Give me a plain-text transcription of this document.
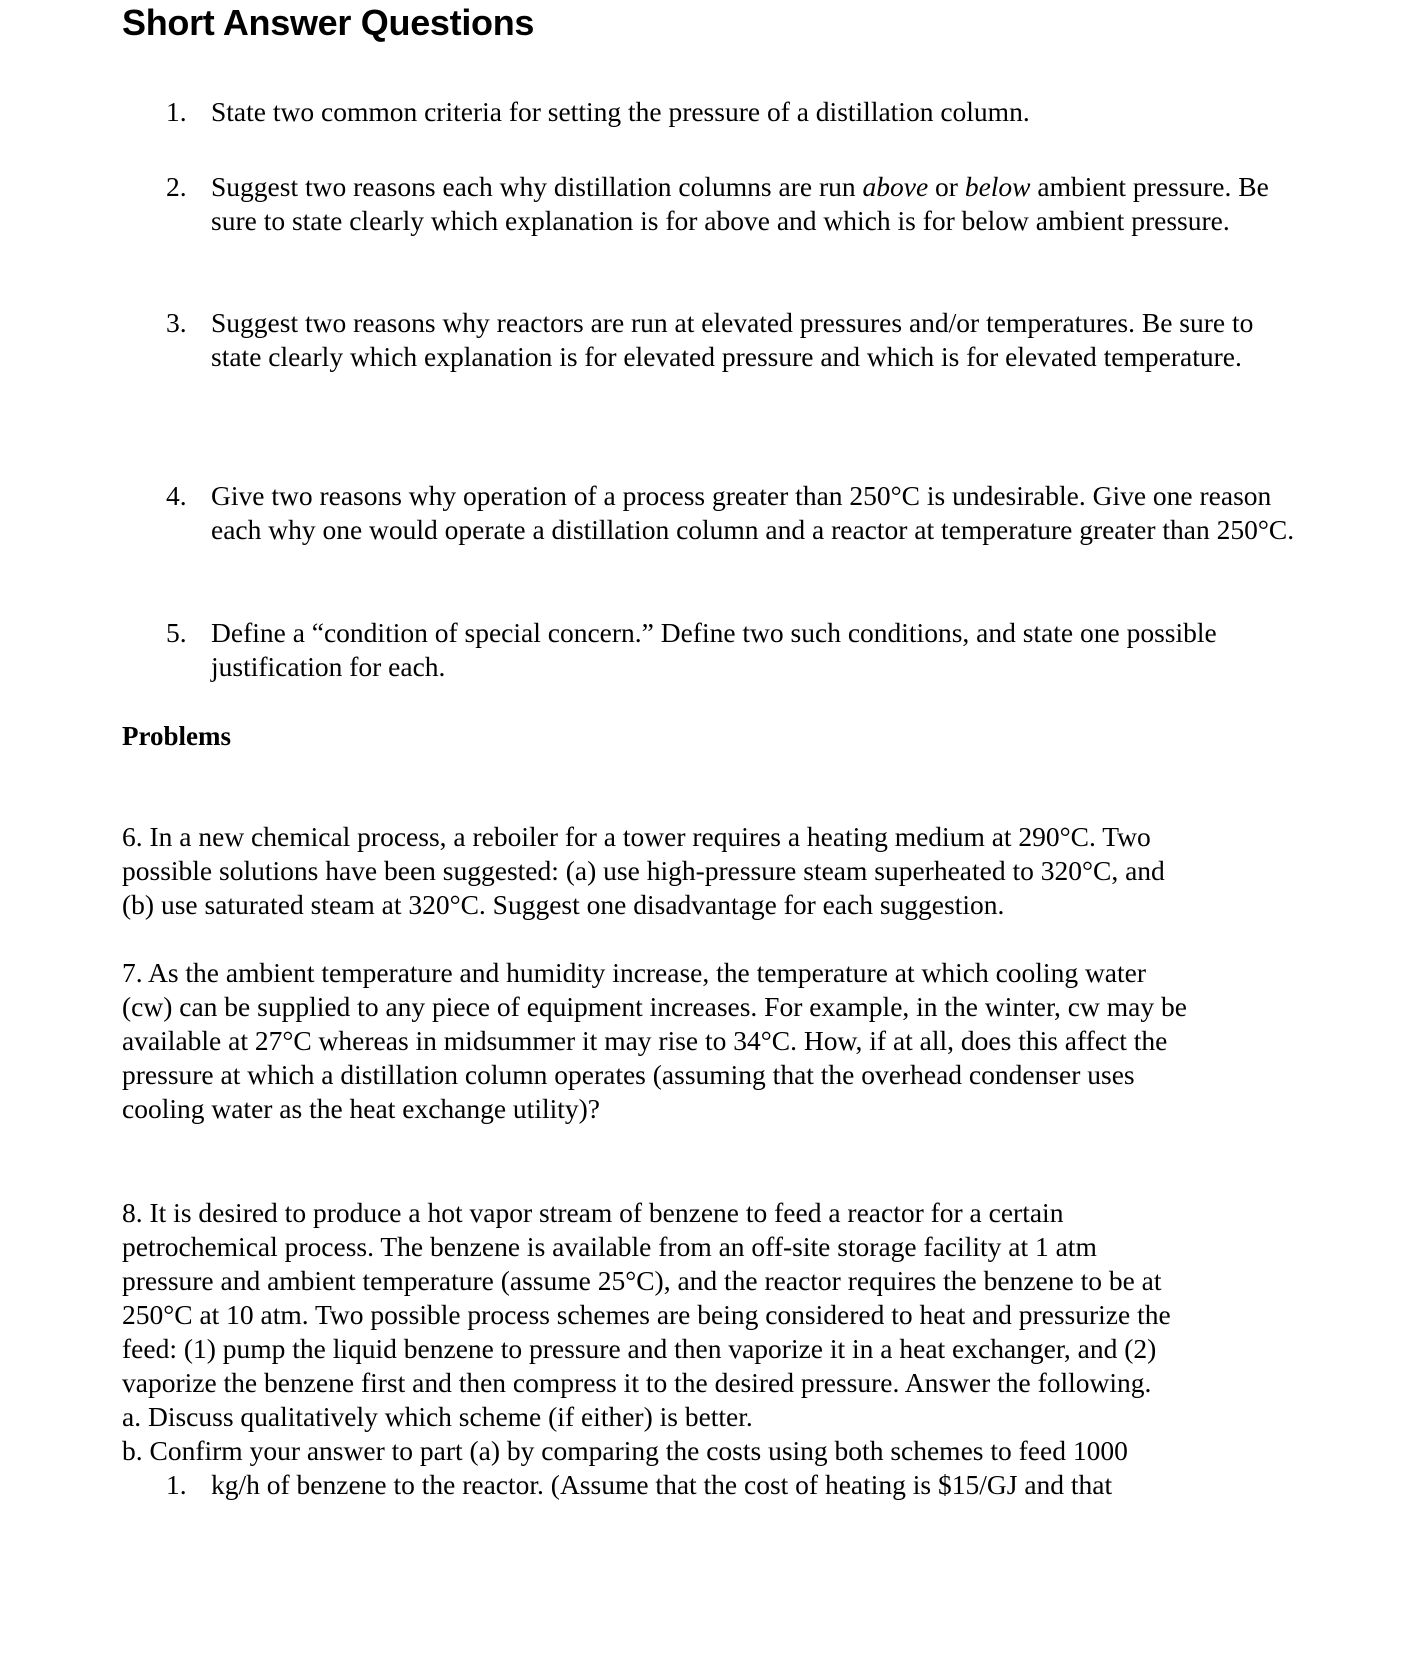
Short Answer Questions
1. State two common criteria for setting the pressure of a distillation column.
2. Suggest two reasons each why distillation columns are run above or below ambient pressure. Be sure to state clearly which explanation is for above and which is for below ambient pressure.
3. Suggest two reasons why reactors are run at elevated pressures and/or temperatures. Be sure to state clearly which explanation is for elevated pressure and which is for elevated temperature.
4. Give two reasons why operation of a process greater than 250°C is undesirable. Give one reason each why one would operate a distillation column and a reactor at temperature greater than 250°C.
5. Define a “condition of special concern.” Define two such conditions, and state one possible justification for each.
Problems
6. In a new chemical process, a reboiler for a tower requires a heating medium at 290°C. Two
possible solutions have been suggested: (a) use high-pressure steam superheated to 320°C, and
(b) use saturated steam at 320°C. Suggest one disadvantage for each suggestion.
7. As the ambient temperature and humidity increase, the temperature at which cooling water
(cw) can be supplied to any piece of equipment increases. For example, in the winter, cw may be
available at 27°C whereas in midsummer it may rise to 34°C. How, if at all, does this affect the
pressure at which a distillation column operates (assuming that the overhead condenser uses
cooling water as the heat exchange utility)?
8. It is desired to produce a hot vapor stream of benzene to feed a reactor for a certain
petrochemical process. The benzene is available from an off-site storage facility at 1 atm
pressure and ambient temperature (assume 25°C), and the reactor requires the benzene to be at
250°C at 10 atm. Two possible process schemes are being considered to heat and pressurize the
feed: (1) pump the liquid benzene to pressure and then vaporize it in a heat exchanger, and (2)
vaporize the benzene first and then compress it to the desired pressure. Answer the following.
a. Discuss qualitatively which scheme (if either) is better.
b. Confirm your answer to part (a) by comparing the costs using both schemes to feed 1000
1. kg/h of benzene to the reactor. (Assume that the cost of heating is $15/GJ and that
